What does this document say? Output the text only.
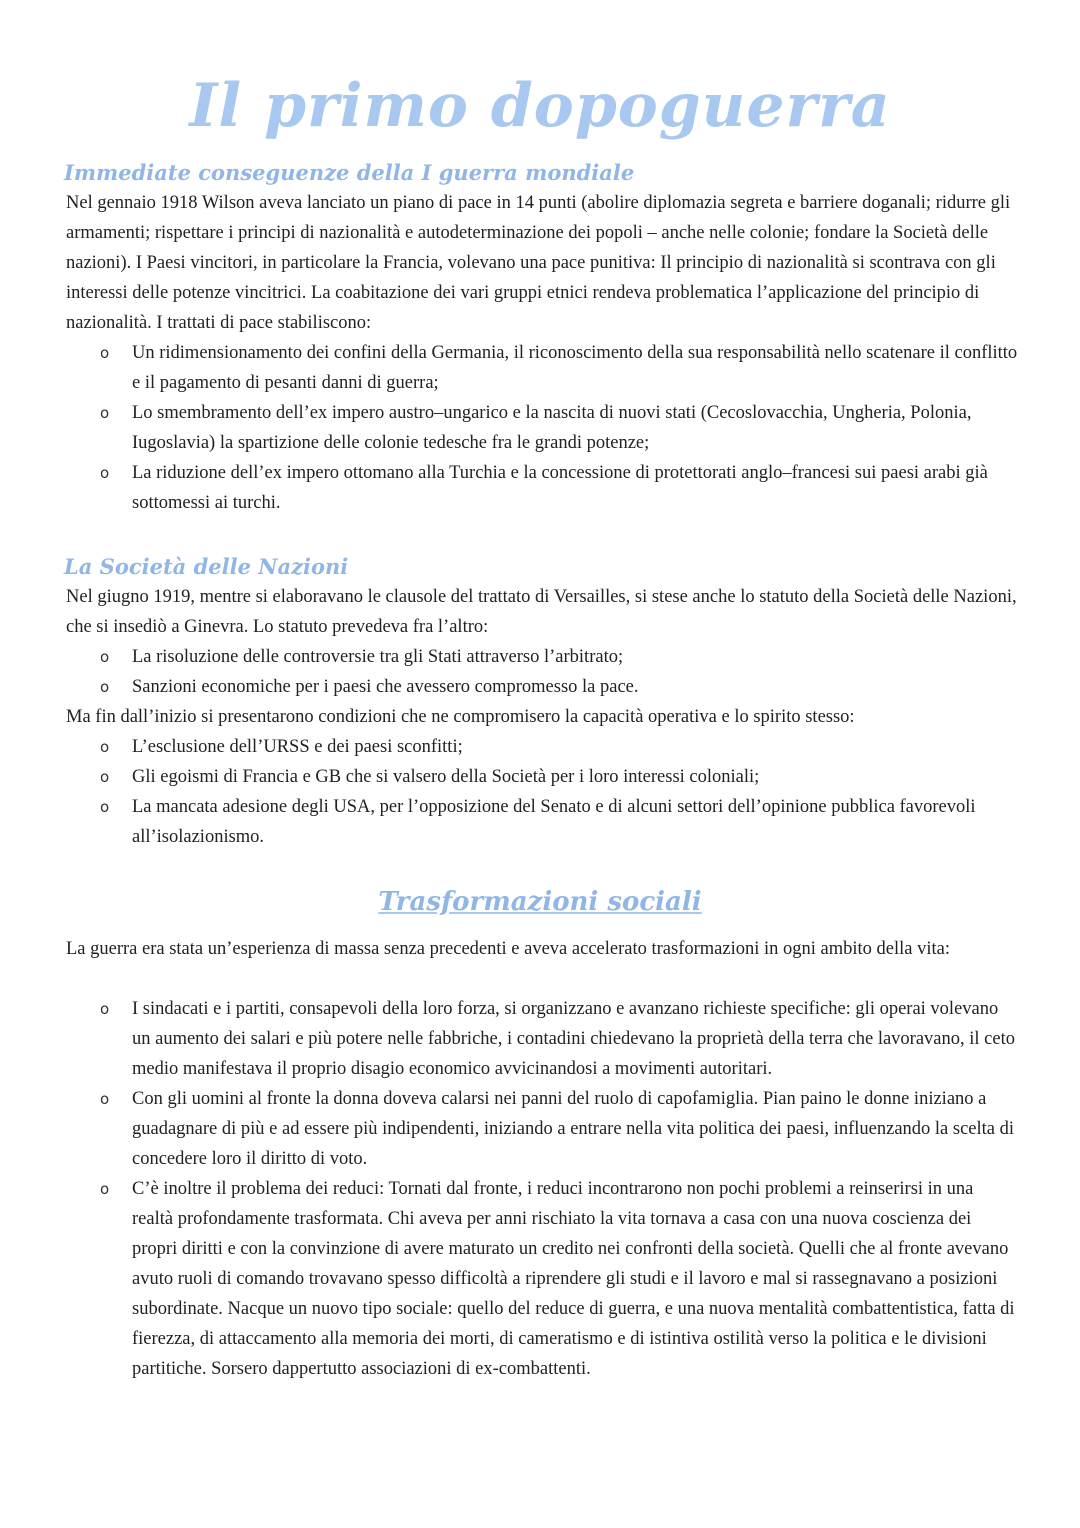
Il primo dopoguerra
Immediate conseguenze della I guerra mondiale

Nel gennaio 1918 Wilson aveva lanciato un piano di pace in 14 punti (abolire diplomazia segreta e barriere doganali; ridurre gli armamenti; rispettare i principi di nazionalità e autodeterminazione dei popoli – anche nelle colonie; fondare la Società delle nazioni). I Paesi vincitori, in particolare la Francia, volevano una pace punitiva: Il principio di nazionalità si scontrava con gli interessi delle potenze vincitrici. La coabitazione dei vari gruppi etnici rendeva problematica l’applicazione del principio di nazionalità. I trattati di pace stabiliscono:

o Un ridimensionamento dei confini della Germania, il riconoscimento della sua responsabilità nello scatenare il conflitto e il pagamento di pesanti danni di guerra;
o Lo smembramento dell’ex impero austro–ungarico e la nascita di nuovi stati (Cecoslovacchia, Ungheria, Polonia, Iugoslavia) la spartizione delle colonie tedesche fra le grandi potenze;
o La riduzione dell’ex impero ottomano alla Turchia e la concessione di protettorati anglo–francesi sui paesi arabi già sottomessi ai turchi.
La Società delle Nazioni

Nel giugno 1919, mentre si elaboravano le clausole del trattato di Versailles, si stese anche lo statuto della Società delle Nazioni, che si insediò a Ginevra. Lo statuto prevedeva fra l’altro:

o La risoluzione delle controversie tra gli Stati attraverso l’arbitrato;
o Sanzioni economiche per i paesi che avessero compromesso la pace.

Ma fin dall’inizio si presentarono condizioni che ne compromisero la capacità operativa e lo spirito stesso:

o L’esclusione dell’URSS e dei paesi sconfitti;
o Gli egoismi di Francia e GB che si valsero della Società per i loro interessi coloniali;
o La mancata adesione degli USA, per l’opposizione del Senato e di alcuni settori dell’opinione pubblica favorevoli all’isolazionismo.
Trasformazioni sociali

La guerra era stata un’esperienza di massa senza precedenti e aveva accelerato trasformazioni in ogni ambito della vita:

o I sindacati e i partiti, consapevoli della loro forza, si organizzano e avanzano richieste specifiche: gli operai volevano un aumento dei salari e più potere nelle fabbriche, i contadini chiedevano la proprietà della terra che lavoravano, il ceto medio manifestava il proprio disagio economico avvicinandosi a movimenti autoritari.
o Con gli uomini al fronte la donna doveva calarsi nei panni del ruolo di capofamiglia. Pian paino le donne iniziano a guadagnare di più e ad essere più indipendenti, iniziando a entrare nella vita politica dei paesi, influenzando la scelta di concedere loro il diritto di voto.
o C’è inoltre il problema dei reduci: Tornati dal fronte, i reduci incontrarono non pochi problemi a reinserirsi in una realtà profondamente trasformata. Chi aveva per anni rischiato la vita tornava a casa con una nuova coscienza dei propri diritti e con la convinzione di avere maturato un credito nei confronti della società. Quelli che al fronte avevano avuto ruoli di comando trovavano spesso difficoltà a riprendere gli studi e il lavoro e mal si rassegnavano a posizioni subordinate. Nacque un nuovo tipo sociale: quello del reduce di guerra, e una nuova mentalità combattentistica, fatta di fierezza, di attaccamento alla memoria dei morti, di cameratismo e di istintiva ostilità verso la politica e le divisioni partitiche. Sorsero dappertutto associazioni di ex-combattenti.
